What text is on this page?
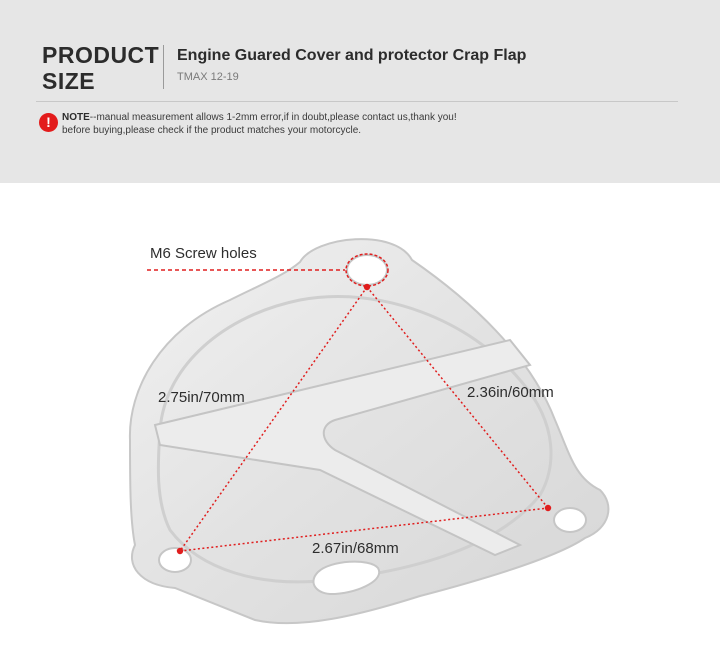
PRODUCT
SIZE
Engine Guared Cover and protector Crap Flap
TMAX 12-19
!	NOTE--manual measurement allows 1-2mm error,if in doubt,please contact us,thank you!
before buying,please check if the product matches your motorcycle.
M6 Screw holes
2.75in/70mm	2.36in/60mm
2.67in/68mm
